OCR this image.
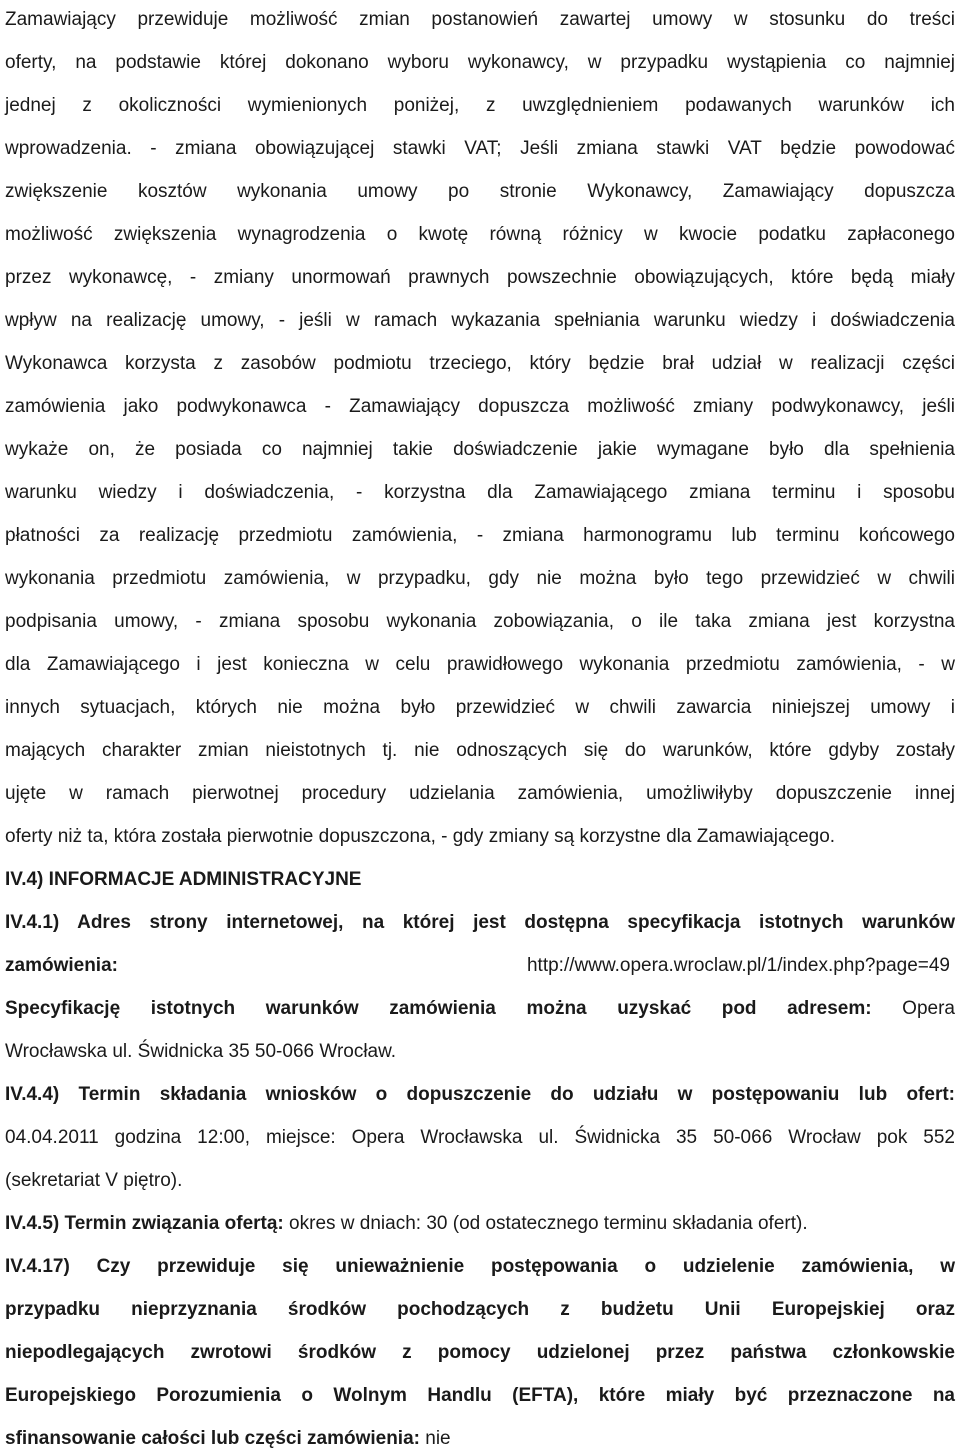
Zamawiający przewiduje możliwość zmian postanowień zawartej umowy w stosunku do treści
oferty, na podstawie której dokonano wyboru wykonawcy, w przypadku wystąpienia co najmniej
jednej z okoliczności wymienionych poniżej, z uwzględnieniem podawanych warunków ich
wprowadzenia. - zmiana obowiązującej stawki VAT; Jeśli zmiana stawki VAT będzie powodować
zwiększenie kosztów wykonania umowy po stronie Wykonawcy, Zamawiający dopuszcza
możliwość zwiększenia wynagrodzenia o kwotę równą różnicy w kwocie podatku zapłaconego
przez wykonawcę, - zmiany unormowań prawnych powszechnie obowiązujących, które będą miały
wpływ na realizację umowy, - jeśli w ramach wykazania spełniania warunku wiedzy i doświadczenia
Wykonawca korzysta z zasobów podmiotu trzeciego, który będzie brał udział w realizacji części
zamówienia jako podwykonawca - Zamawiający dopuszcza możliwość zmiany podwykonawcy, jeśli
wykaże on, że posiada co najmniej takie doświadczenie jakie wymagane było dla spełnienia
warunku wiedzy i doświadczenia, - korzystna dla Zamawiającego zmiana terminu i sposobu
płatności za realizację przedmiotu zamówienia, - zmiana harmonogramu lub terminu końcowego
wykonania przedmiotu zamówienia, w przypadku, gdy nie można było tego przewidzieć w chwili
podpisania umowy, - zmiana sposobu wykonania zobowiązania, o ile taka zmiana jest korzystna
dla Zamawiającego i jest konieczna w celu prawidłowego wykonania przedmiotu zamówienia, - w
innych sytuacjach, których nie można było przewidzieć w chwili zawarcia niniejszej umowy i
mających charakter zmian nieistotnych tj. nie odnoszących się do warunków, które gdyby zostały
ujęte w ramach pierwotnej procedury udzielania zamówienia, umożliwiłyby dopuszczenie innej
oferty niż ta, która została pierwotnie dopuszczona, - gdy zmiany są korzystne dla Zamawiającego.
IV.4) INFORMACJE ADMINISTRACYJNE
IV.4.1) Adres strony internetowej, na której jest dostępna specyfikacja istotnych warunków
zamówienia:	http://www.opera.wroclaw.pl/1/index.php?page=49
Specyfikację istotnych warunków zamówienia można uzyskać pod adresem: Opera
Wrocławska ul. Świdnicka 35 50-066 Wrocław.
IV.4.4) Termin składania wniosków o dopuszczenie do udziału w postępowaniu lub ofert:
04.04.2011 godzina 12:00, miejsce: Opera Wrocławska ul. Świdnicka 35 50-066 Wrocław pok 552
(sekretariat V piętro).
IV.4.5) Termin związania ofertą: okres w dniach: 30 (od ostatecznego terminu składania ofert).
IV.4.17) Czy przewiduje się unieważnienie postępowania o udzielenie zamówienia, w
przypadku nieprzyznania środków pochodzących z budżetu Unii Europejskiej oraz
niepodlegających zwrotowi środków z pomocy udzielonej przez państwa członkowskie
Europejskiego Porozumienia o Wolnym Handlu (EFTA), które miały być przeznaczone na
sfinansowanie całości lub części zamówienia: nie
